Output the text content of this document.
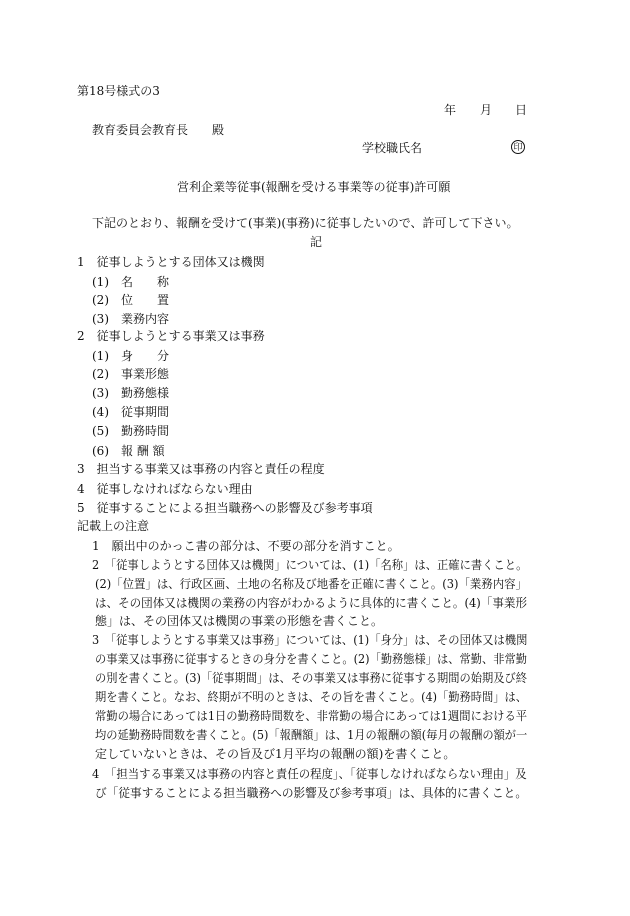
第18号様式の3
年 月 日
教育委員会教育長　　殿
学校職氏名	印
営利企業等従事(報酬を受ける事業等の従事)許可願
下記のとおり、報酬を受けて(事業)(事務)に従事したいので、許可して下さい。
記
1　従事しようとする団体又は機関
(1)　名　　称
(2)　位　　置
(3)　業務内容
2　従事しようとする事業又は事務
(1)　身　　分
(2)　事業形態
(3)　勤務態様
(4)　従事期間
(5)　勤務時間
(6)　報 酬 額
3　担当する事業又は事務の内容と責任の程度
4　従事しなければならない理由
5　従事することによる担当職務への影響及び参考事項
記載上の注意
1　願出中のかっこ書の部分は、不要の部分を消すこと。
2　「従事しようとする団体又は機関」については、(1)「名称」は、正確に書くこと。
(2)「位置」は、行政区画、土地の名称及び地番を正確に書くこと。(3)「業務内容」
は、その団体又は機関の業務の内容がわかるように具体的に書くこと。(4)「事業形
態」は、その団体又は機関の事業の形態を書くこと。
3　「従事しようとする事業又は事務」については、(1)「身分」は、その団体又は機関
の事業又は事務に従事するときの身分を書くこと。(2)「勤務態様」は、常勤、非常勤
の別を書くこと。(3)「従事期間」は、その事業又は事務に従事する期間の始期及び終
期を書くこと。なお、終期が不明のときは、その旨を書くこと。(4)「勤務時間」は、
常勤の場合にあっては1日の勤務時間数を、非常勤の場合にあっては1週間における平
均の延勤務時間数を書くこと。(5)「報酬額」は、1月の報酬の額(毎月の報酬の額が一
定していないときは、その旨及び1月平均の報酬の額)を書くこと。
4　「担当する事業又は事務の内容と責任の程度」、「従事しなければならない理由」及
び「従事することによる担当職務への影響及び参考事項」は、具体的に書くこと。
